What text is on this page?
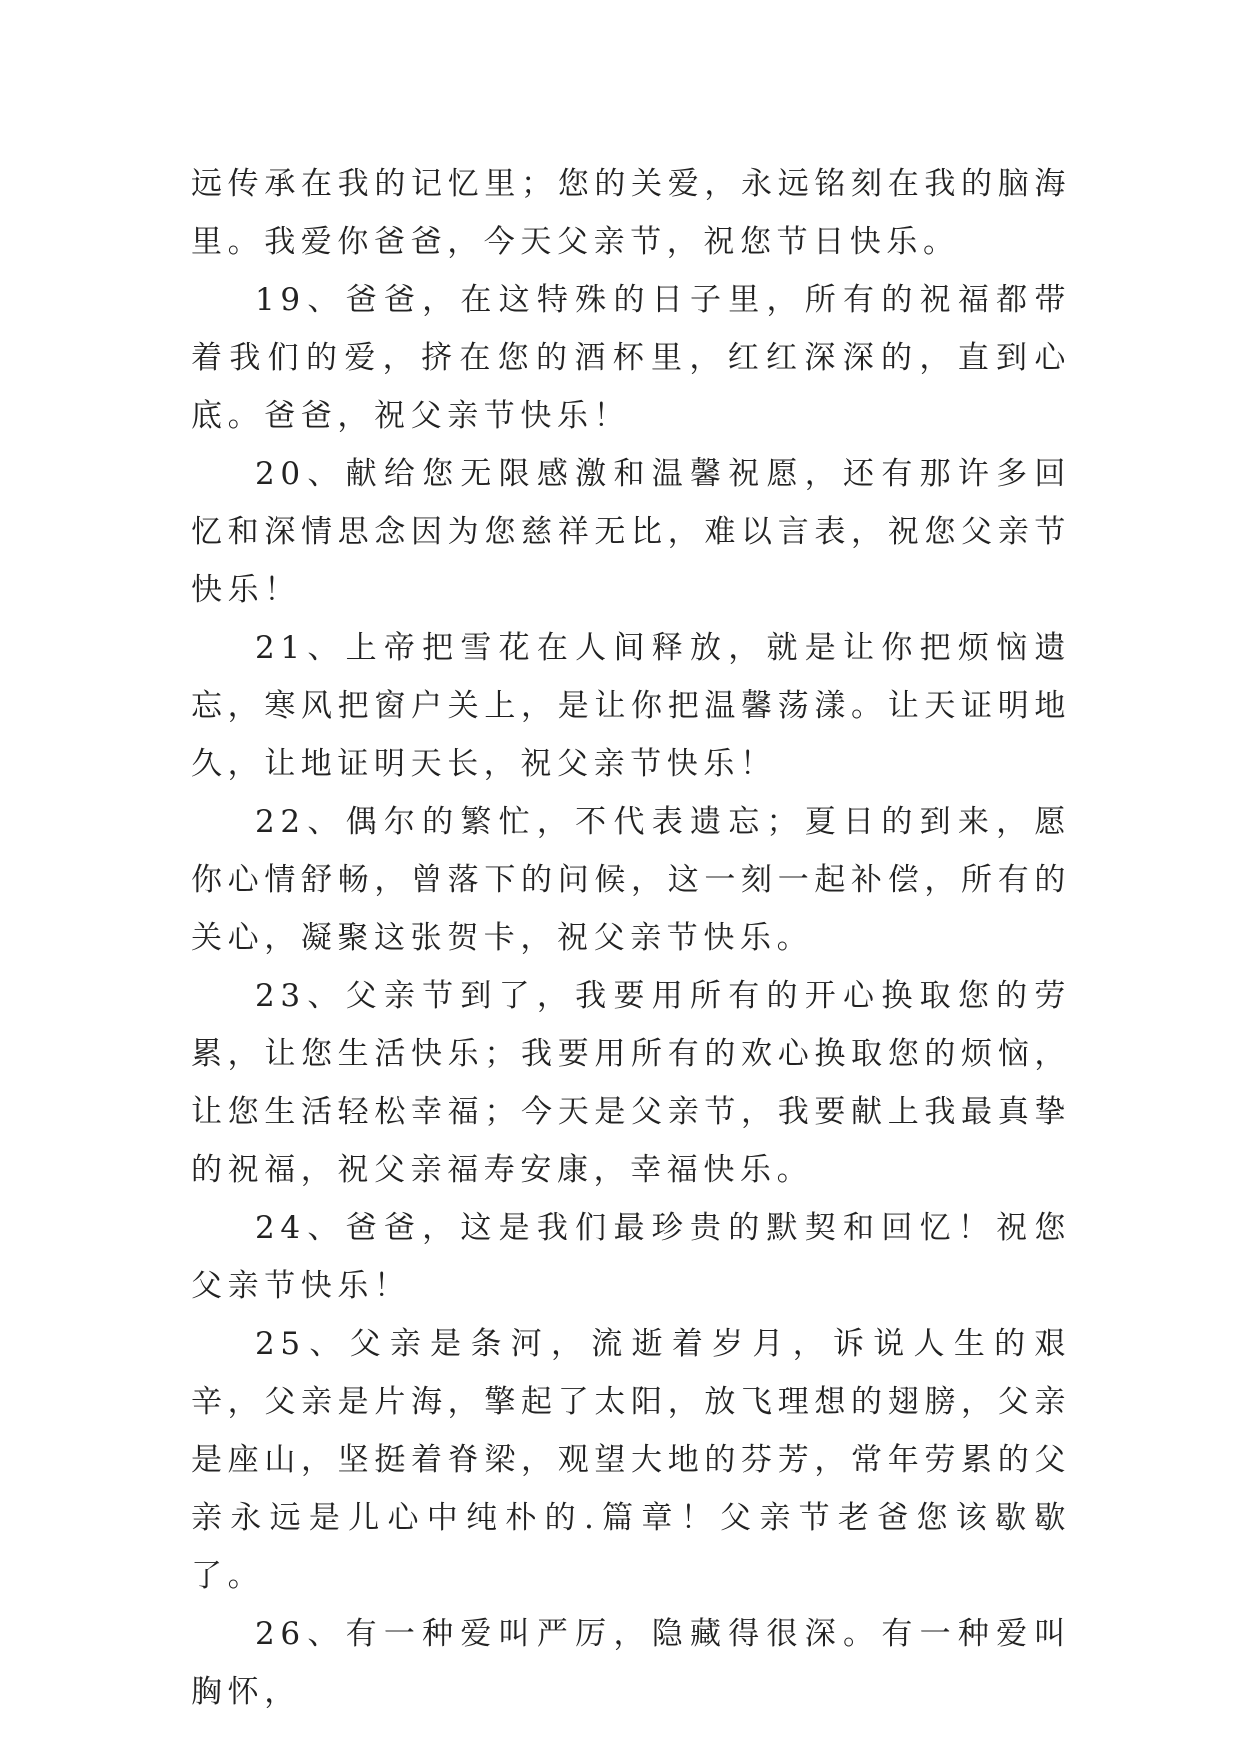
远传承在我的记忆里；您的关爱，永远铭刻在我的脑海里。我爱你爸爸，今天父亲节，祝您节日快乐。

19、爸爸，在这特殊的日子里，所有的祝福都带着我们的爱，挤在您的酒杯里，红红深深的，直到心底。爸爸，祝父亲节快乐！

20、献给您无限感激和温馨祝愿，还有那许多回忆和深情思念因为您慈祥无比，难以言表，祝您父亲节快乐！

21、上帝把雪花在人间释放，就是让你把烦恼遗忘，寒风把窗户关上，是让你把温馨荡漾。让天证明地久，让地证明天长，祝父亲节快乐！

22、偶尔的繁忙，不代表遗忘；夏日的到来，愿你心情舒畅，曾落下的问候，这一刻一起补偿，所有的关心，凝聚这张贺卡，祝父亲节快乐。

23、父亲节到了，我要用所有的开心换取您的劳累，让您生活快乐；我要用所有的欢心换取您的烦恼，让您生活轻松幸福；今天是父亲节，我要献上我最真挚的祝福，祝父亲福寿安康，幸福快乐。

24、爸爸，这是我们最珍贵的默契和回忆！祝您父亲节快乐！

25、父亲是条河，流逝着岁月，诉说人生的艰辛，父亲是片海，擎起了太阳，放飞理想的翅膀，父亲是座山，坚挺着脊梁，观望大地的芬芳，常年劳累的父亲永远是儿心中纯朴的.篇章！父亲节老爸您该歇歇了。

26、有一种爱叫严厉，隐藏得很深。有一种爱叫胸怀，
